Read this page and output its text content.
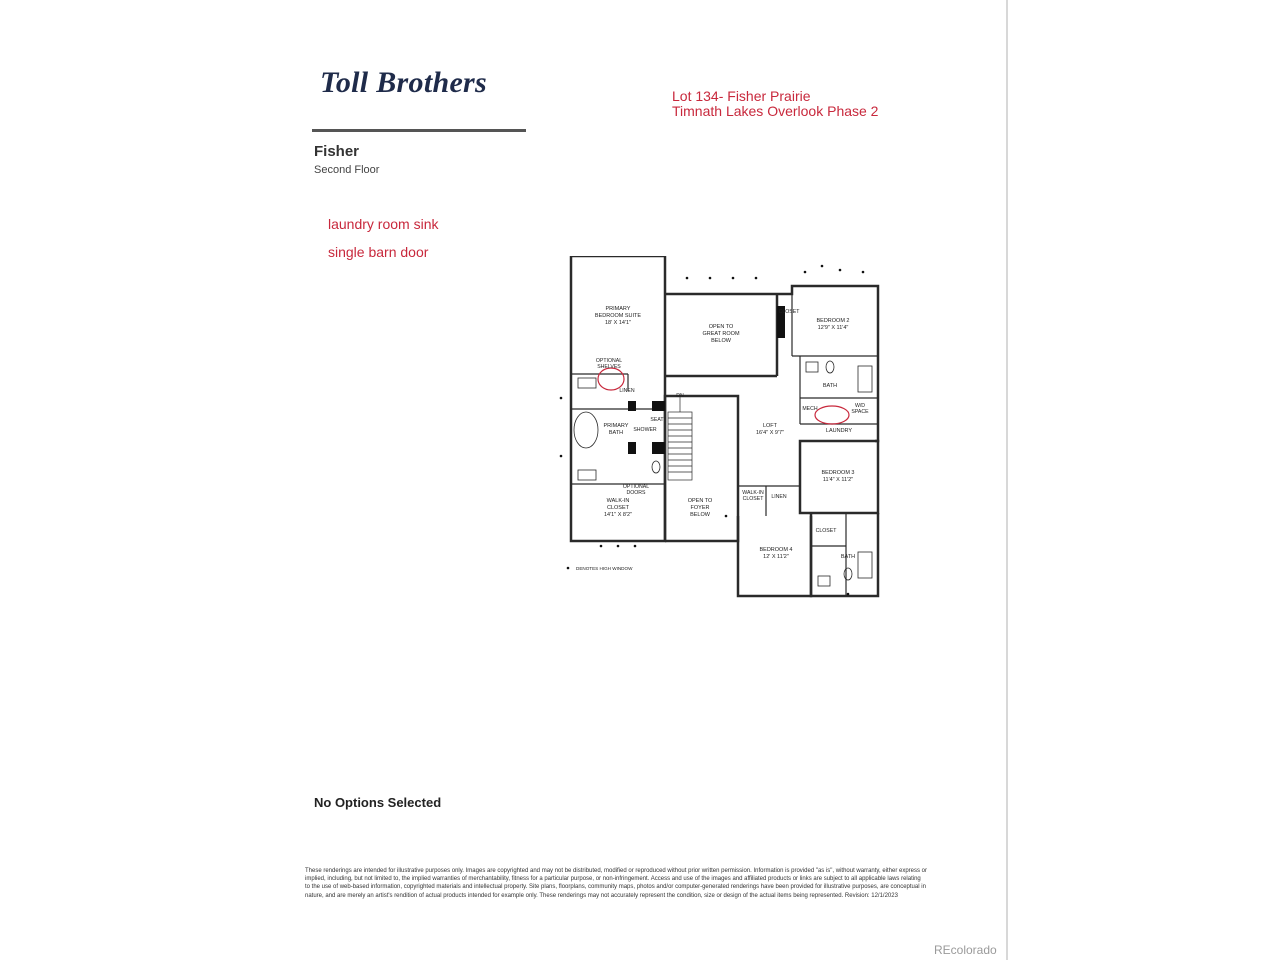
Toll Brothers	Lot 134- Fisher Prairie
Timnath Lakes Overlook Phase 2
Fisher
Second Floor
laundry room sink
single barn door
PRIMARY
BEDROOM SUITE
18' X 14'1"
OPEN TO
GREAT ROOM
BELOW
BEDROOM 2
12'9" X 11'4"
CLOSET
BATH
PRIMARY
BATH
LINEN
SEAT
SHOWER
DN
MECH	W/D
SPACE
LAUNDRY
LOFT
16'4" X 9'7"
BEDROOM 3
11'4" X 11'2"
WALK-IN
CLOSET
14'1" X 8'2"
OPEN TO
FOYER
BELOW
WALK-IN
CLOSET LINEN
CLOSET
BATH
BEDROOM 4
12' X 11'2"
OPTIONAL
SHELVES
OPTIONAL
DOORS
DENOTES HIGH WINDOW
No Options Selected
These renderings are intended for illustrative purposes only. Images are copyrighted and may not be distributed, modified or reproduced without prior written permission. Information is provided "as is", without warranty, either express or implied, including, but not limited to, the implied warranties of merchantability, fitness for a particular purpose, or non-infringement. Access and use of the images and affiliated products or links are subject to all applicable laws relating to the use of web-based information, copyrighted materials and intellectual property. Site plans, floorplans, community maps, photos and/or computer-generated renderings have been provided for illustrative purposes, are conceptual in nature, and are merely an artist's rendition of actual products intended for example only. These renderings may not accurately represent the condition, size or design of the actual items being represented. Revision: 12/1/2023
REcolorado
